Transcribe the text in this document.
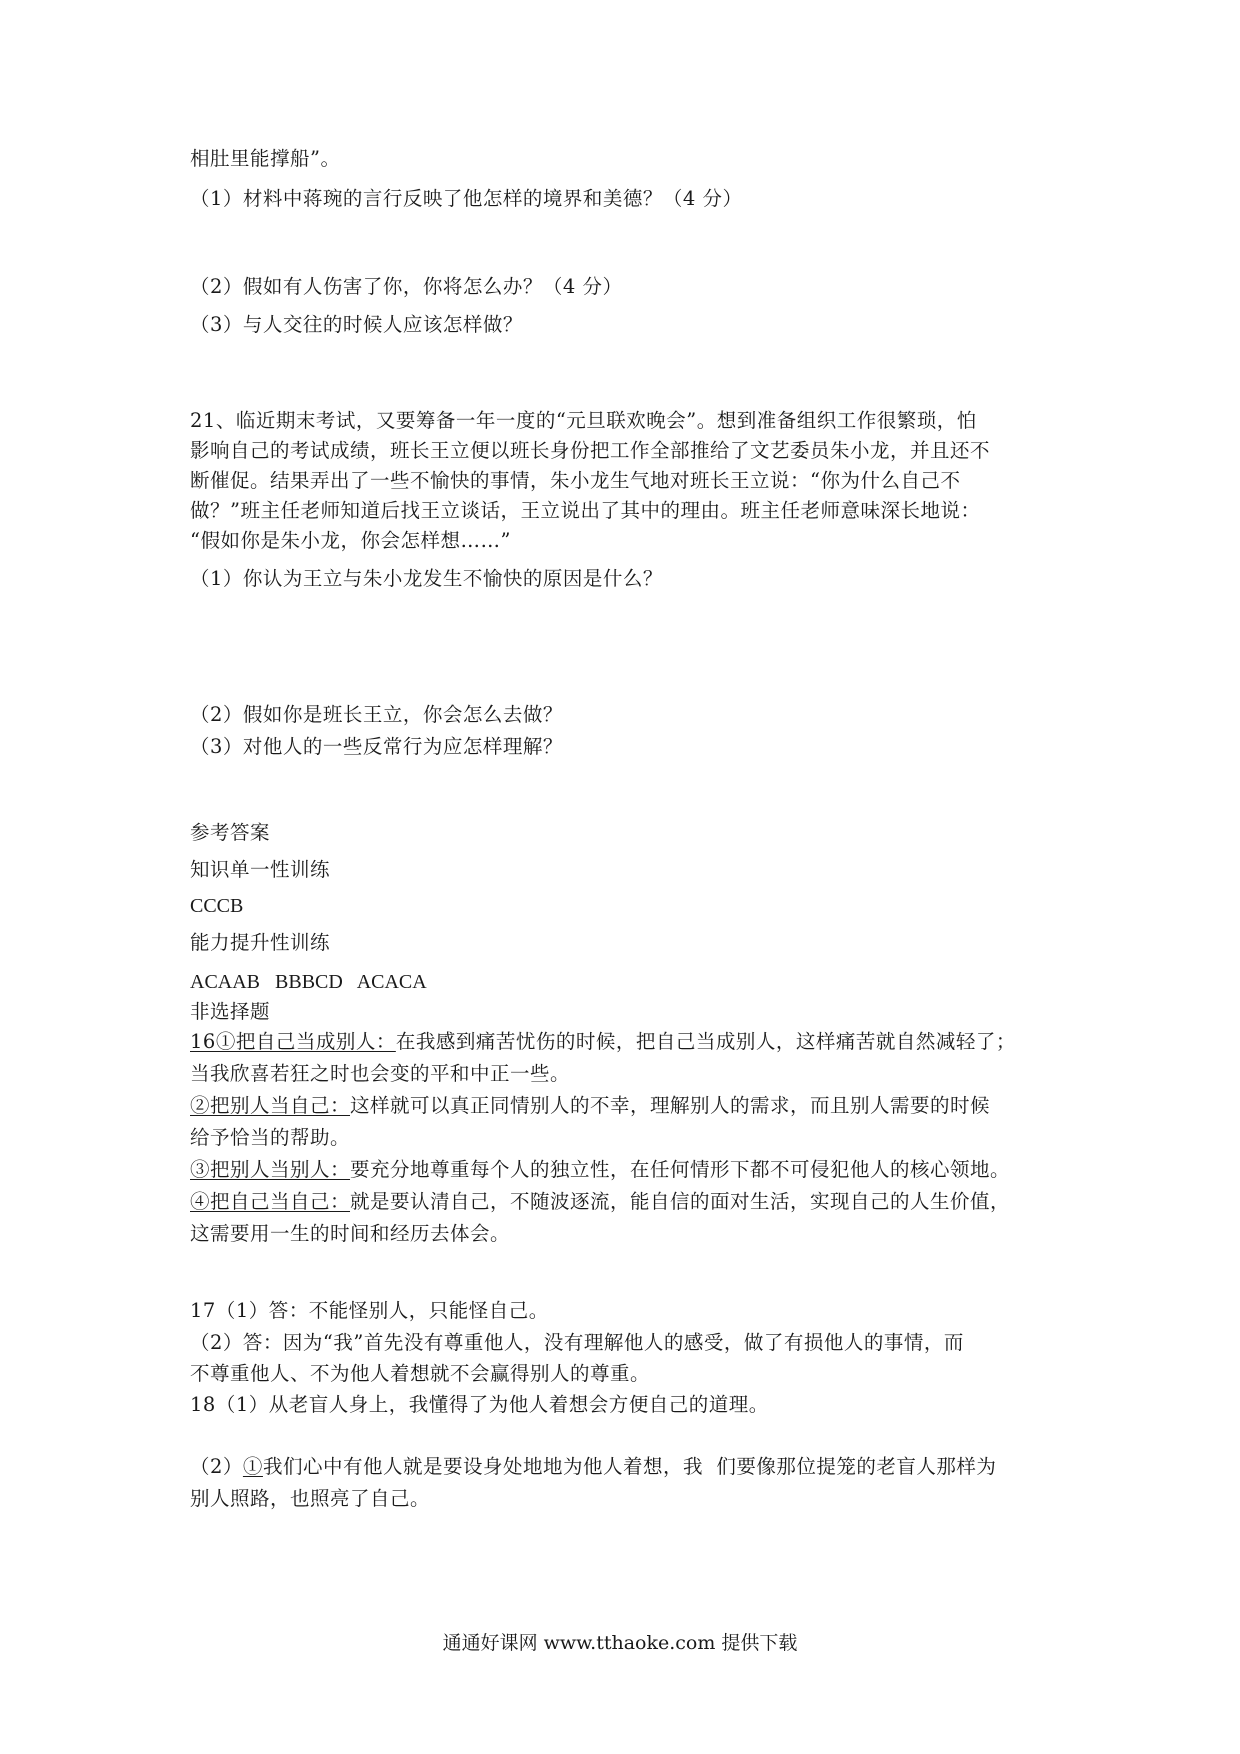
相肚里能撑船”。
（1）材料中蒋琬的言行反映了他怎样的境界和美德？（4 分）
（2）假如有人伤害了你，你将怎么办？（4 分）
（3）与人交往的时候人应该怎样做？
21、临近期末考试，又要筹备一年一度的“元旦联欢晚会”。想到准备组织工作很繁琐，怕
影响自己的考试成绩，班长王立便以班长身份把工作全部推给了文艺委员朱小龙，并且还不
断催促。结果弄出了一些不愉快的事情，朱小龙生气地对班长王立说：“你为什么自己不
做？”班主任老师知道后找王立谈话，王立说出了其中的理由。班主任老师意味深长地说：
“假如你是朱小龙，你会怎样想……”
（1）你认为王立与朱小龙发生不愉快的原因是什么？
（2）假如你是班长王立，你会怎么去做？
（3）对他人的一些反常行为应怎样理解？
参考答案
知识单一性训练
CCCB
能力提升性训练
ACAAB   BBBCD   ACACA
非选择题
16①把自己当成别人：在我感到痛苦忧伤的时候，把自己当成别人，这样痛苦就自然减轻了；
当我欣喜若狂之时也会变的平和中正一些。
②把别人当自己：这样就可以真正同情别人的不幸，理解别人的需求，而且别人需要的时候
给予恰当的帮助。
③把别人当别人：要充分地尊重每个人的独立性，在任何情形下都不可侵犯他人的核心领地。
④把自己当自己：就是要认清自己，不随波逐流，能自信的面对生活，实现自己的人生价值，
这需要用一生的时间和经历去体会。
17（1）答：不能怪别人，只能怪自己。
（2）答：因为“我”首先没有尊重他人，没有理解他人的感受，做了有损他人的事情，而
不尊重他人、不为他人着想就不会赢得别人的尊重。
18（1）从老盲人身上，我懂得了为他人着想会方便自己的道理。
（2）①我们心中有他人就是要设身处地地为他人着想，我  们要像那位提笼的老盲人那样为
别人照路，也照亮了自己。
通通好课网 www.tthaoke.com 提供下载
